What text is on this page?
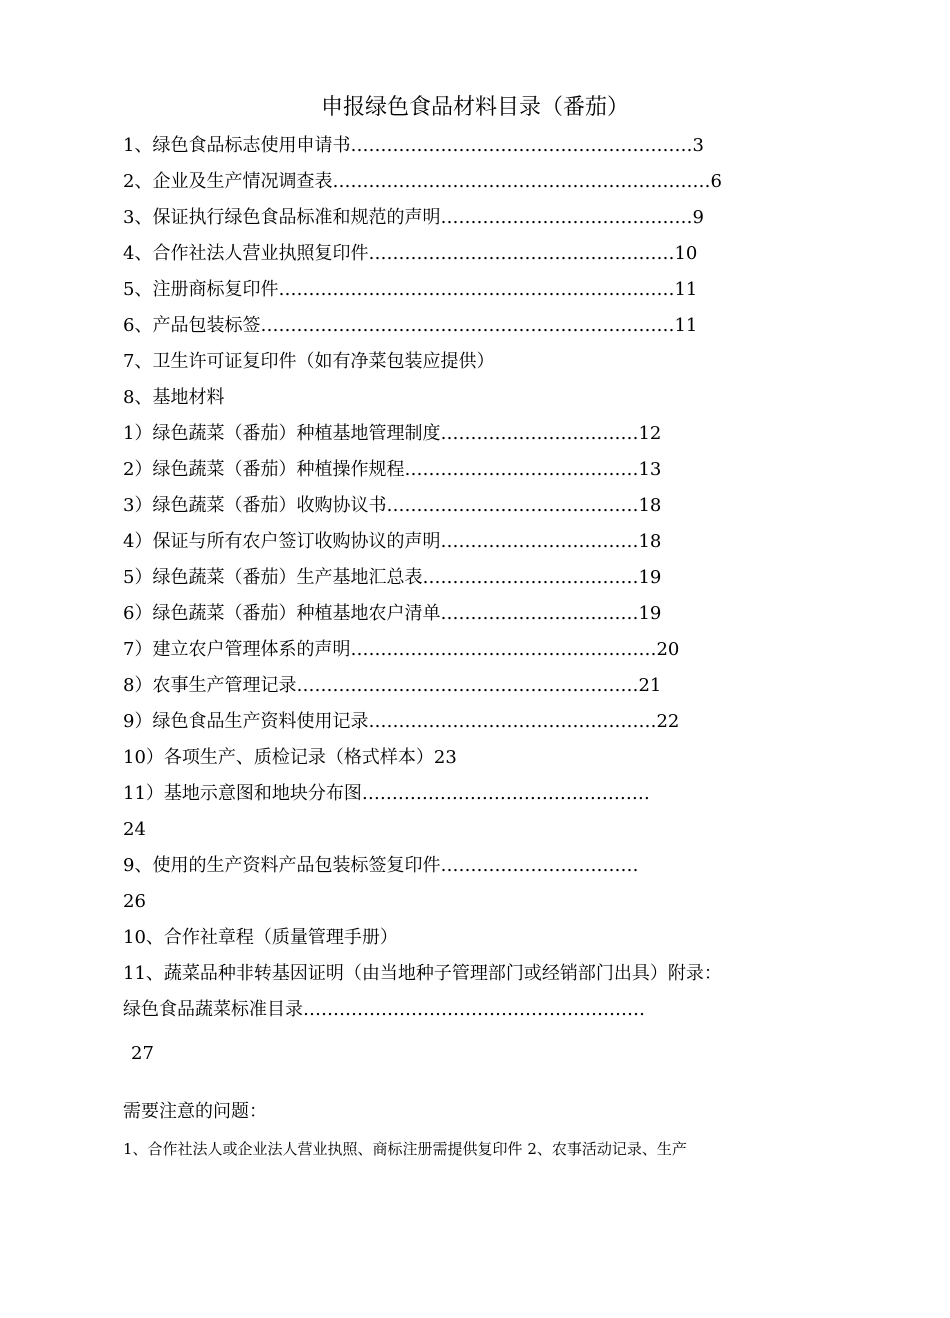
申报绿色食品材料目录（番茄）
1、绿色食品标志使用申请书…………………………………………………3
2、企业及生产情况调查表………………………………………………………6
3、保证执行绿色食品标准和规范的声明……………………………………9
4、合作社法人营业执照复印件……………………………………………10
5、注册商标复印件…………………………………………………………11
6、产品包装标签……………………………………………………………11
7、卫生许可证复印件（如有净菜包装应提供）
8、基地材料
1）绿色蔬菜（番茄）种植基地管理制度……………………………12
2）绿色蔬菜（番茄）种植操作规程…………………………………13
3）绿色蔬菜（番茄）收购协议书……………………………………18
4）保证与所有农户签订收购协议的声明……………………………18
5）绿色蔬菜（番茄）生产基地汇总表………………………………19
6）绿色蔬菜（番茄）种植基地农户清单……………………………19
7）建立农户管理体系的声明……………………………………………20
8）农事生产管理记录…………………………………………………21
9）绿色食品生产资料使用记录…………………………………………22
10）各项生产、质检记录（格式样本）23
11）基地示意图和地块分布图…………………………………………
24
9、使用的生产资料产品包装标签复印件……………………………
26
10、合作社章程（质量管理手册）
11、蔬菜品种非转基因证明（由当地种子管理部门或经销部门出具）附录：
绿色食品蔬菜标准目录…………………………………………………
27
需要注意的问题：
1、合作社法人或企业法人营业执照、商标注册需提供复印件 2、农事活动记录、生产
